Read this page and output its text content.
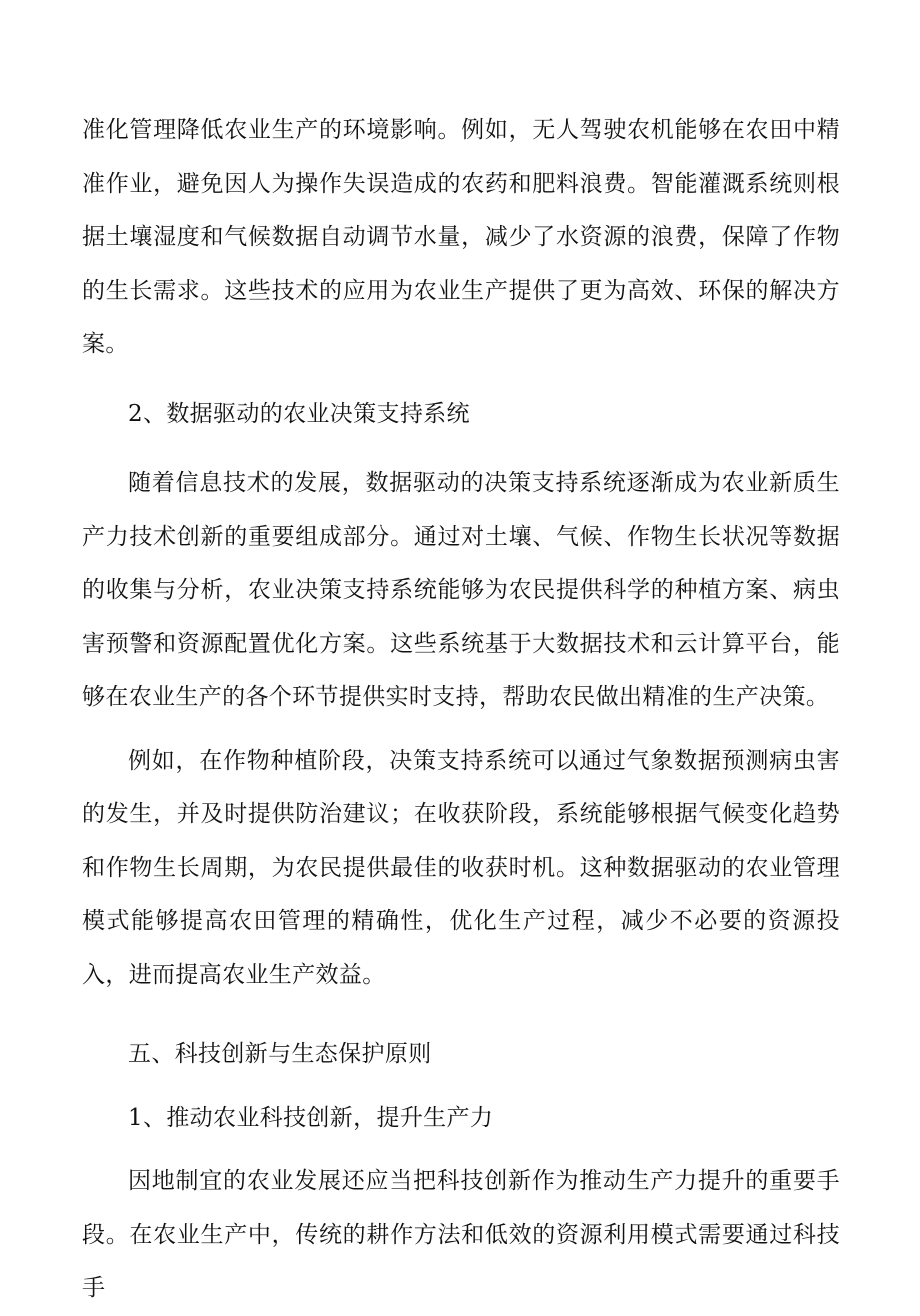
准化管理降低农业生产的环境影响。例如，无人驾驶农机能够在农田中精准作业，避免因人为操作失误造成的农药和肥料浪费。智能灌溉系统则根据土壤湿度和气候数据自动调节水量，减少了水资源的浪费，保障了作物的生长需求。这些技术的应用为农业生产提供了更为高效、环保的解决方案。

2、数据驱动的农业决策支持系统

随着信息技术的发展，数据驱动的决策支持系统逐渐成为农业新质生产力技术创新的重要组成部分。通过对土壤、气候、作物生长状况等数据的收集与分析，农业决策支持系统能够为农民提供科学的种植方案、病虫害预警和资源配置优化方案。这些系统基于大数据技术和云计算平台，能够在农业生产的各个环节提供实时支持，帮助农民做出精准的生产决策。

例如，在作物种植阶段，决策支持系统可以通过气象数据预测病虫害的发生，并及时提供防治建议；在收获阶段，系统能够根据气候变化趋势和作物生长周期，为农民提供最佳的收获时机。这种数据驱动的农业管理模式能够提高农田管理的精确性，优化生产过程，减少不必要的资源投入，进而提高农业生产效益。

五、科技创新与生态保护原则

1、推动农业科技创新，提升生产力

因地制宜的农业发展还应当把科技创新作为推动生产力提升的重要手段。在农业生产中，传统的耕作方法和低效的资源利用模式需要通过科技手
